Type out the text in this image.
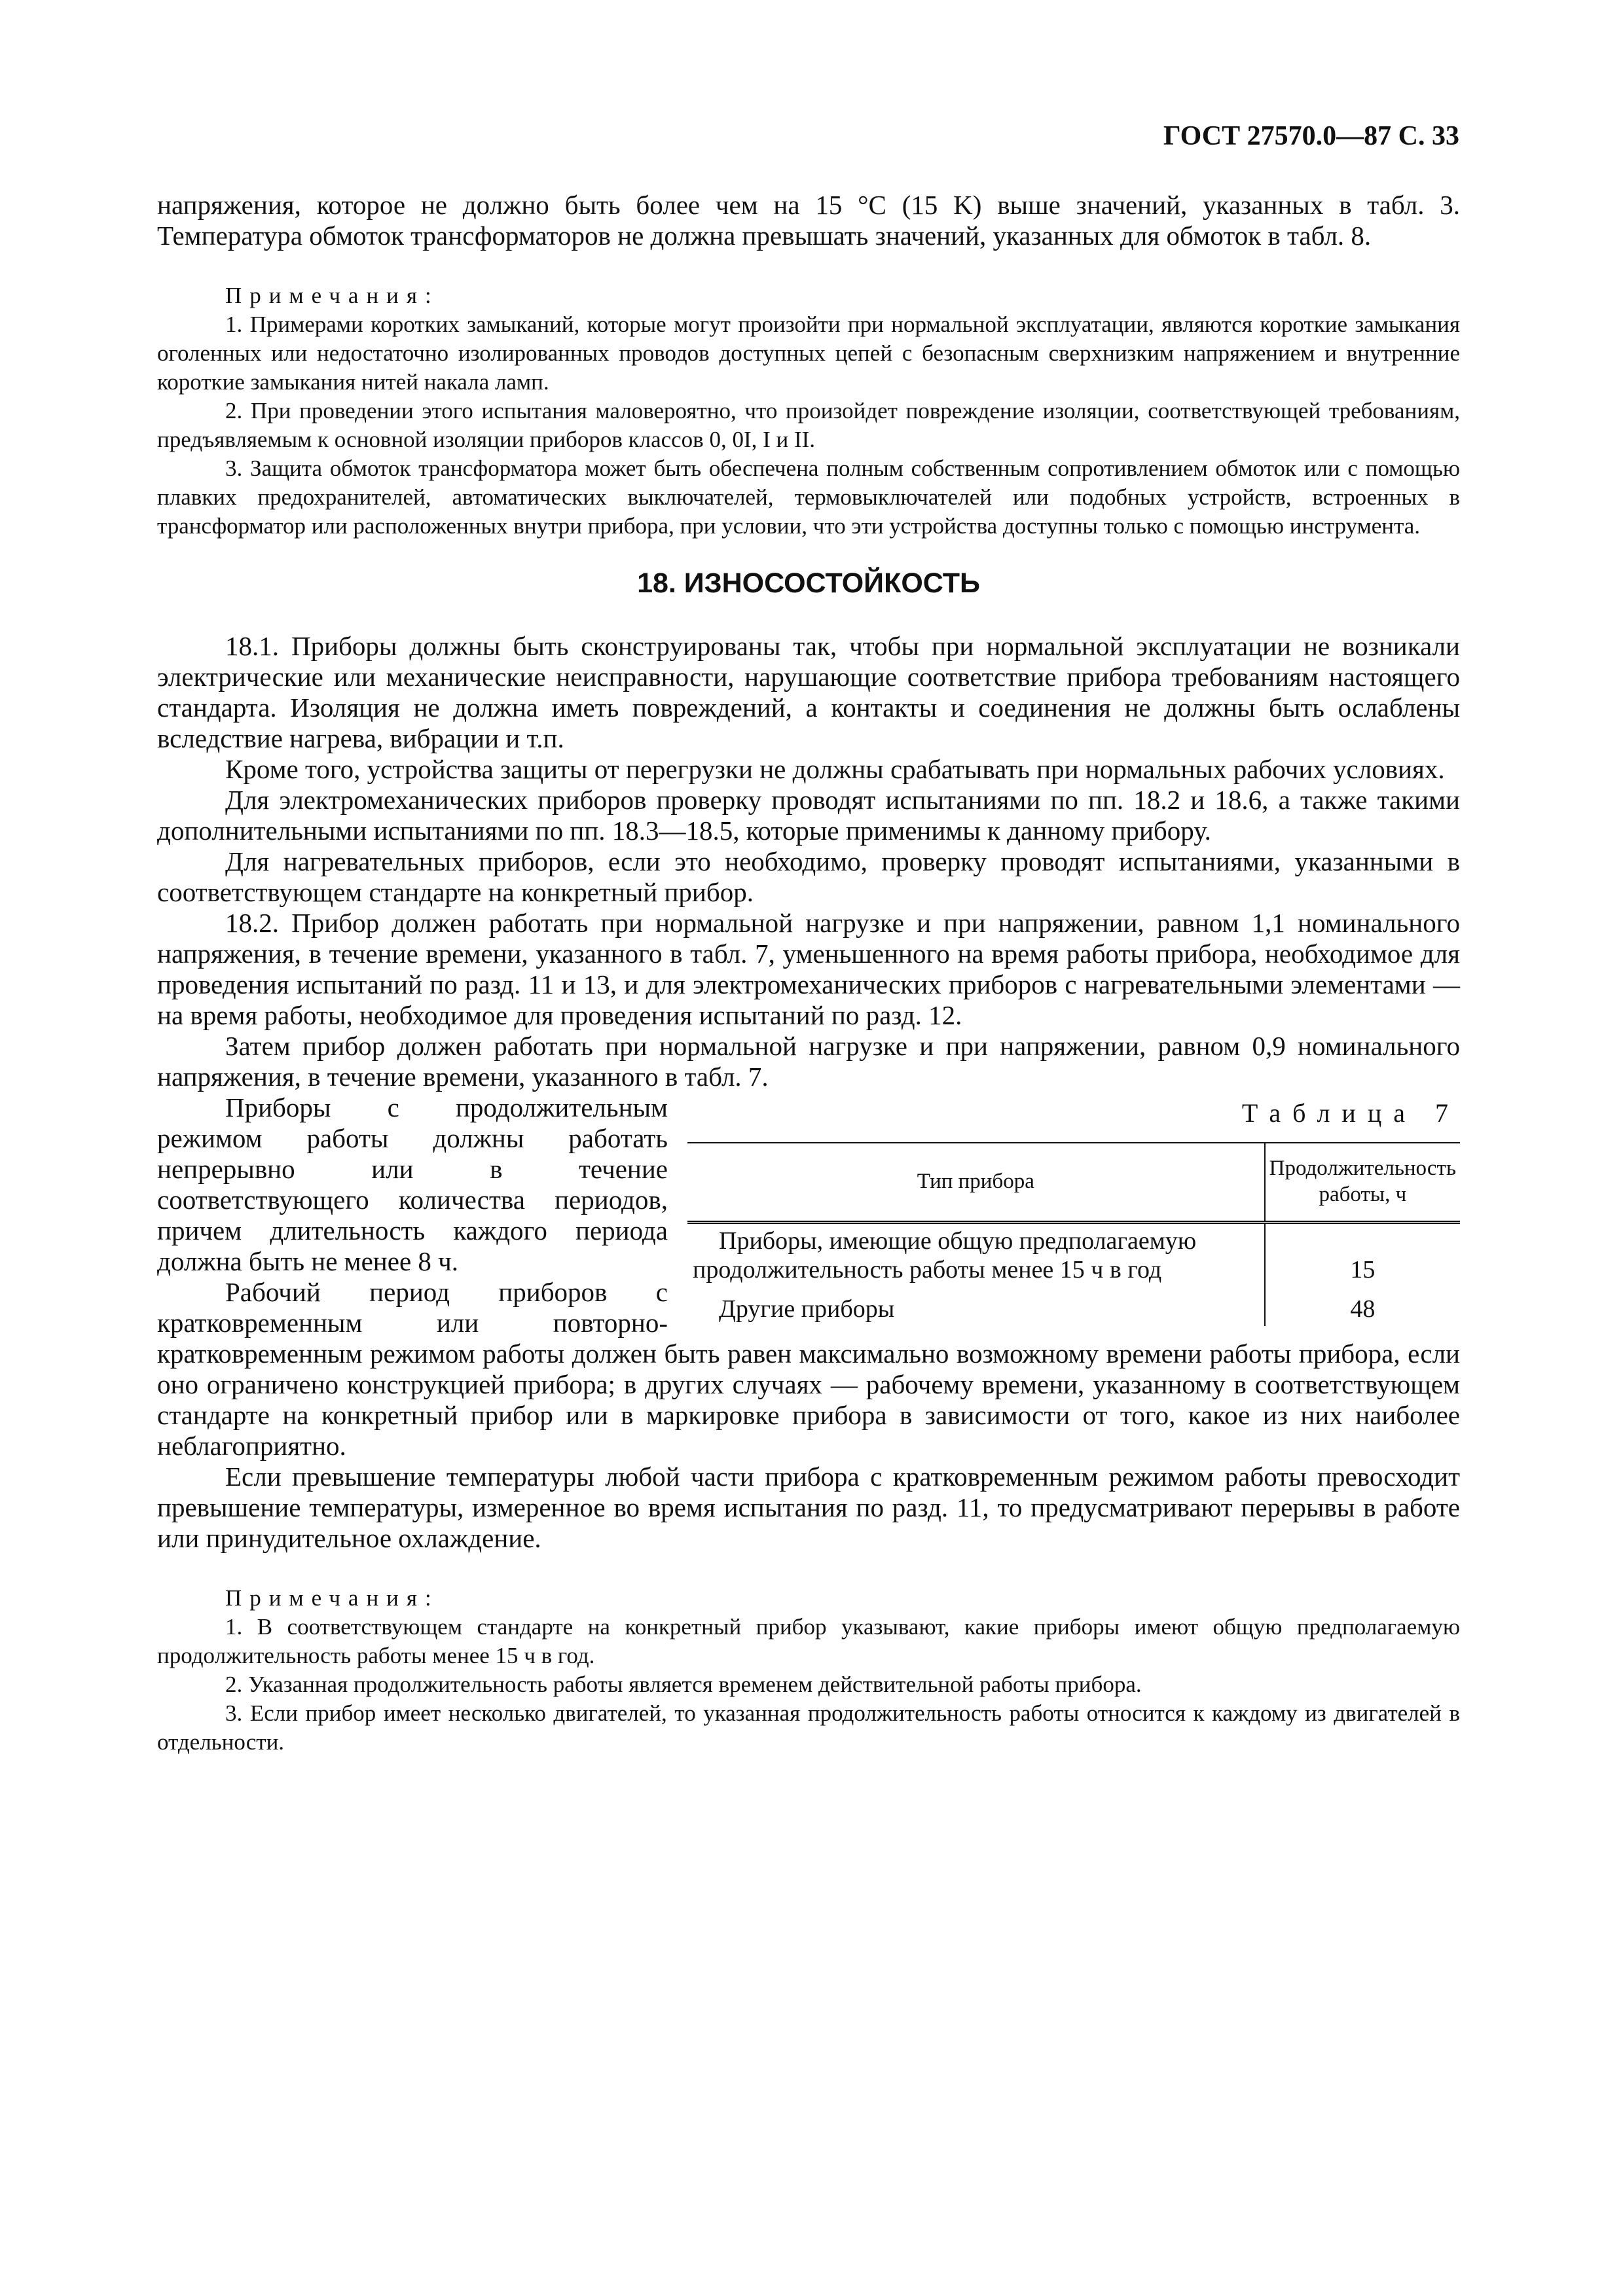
ГОСТ 27570.0—87 С. 33

напряжения, которое не должно быть более чем на 15 °С (15 K) выше значений, указанных в табл. 3. Температура обмоток трансформаторов не должна превышать значений, указанных для обмоток в табл. 8.

Примечания:

1. Примерами коротких замыканий, которые могут произойти при нормальной эксплуатации, являются короткие замыкания оголенных или недостаточно изолированных проводов доступных цепей с безопасным сверхнизким напряжением и внутренние короткие замыкания нитей накала ламп.

2. При проведении этого испытания маловероятно, что произойдет повреждение изоляции, соответствующей требованиям, предъявляемым к основной изоляции приборов классов 0, 0I, I и II.

3. Защита обмоток трансформатора может быть обеспечена полным собственным сопротивлением обмоток или с помощью плавких предохранителей, автоматических выключателей, термовыключателей или подобных устройств, встроенных в трансформатор или расположенных внутри прибора, при условии, что эти устройства доступны только с помощью инструмента.

18. ИЗНОСОСТОЙКОСТЬ

18.1. Приборы должны быть сконструированы так, чтобы при нормальной эксплуатации не возникали электрические или механические неисправности, нарушающие соответствие прибора требованиям настоящего стандарта. Изоляция не должна иметь повреждений, а контакты и соединения не должны быть ослаблены вследствие нагрева, вибрации и т.п.

Кроме того, устройства защиты от перегрузки не должны срабатывать при нормальных рабочих условиях.

Для электромеханических приборов проверку проводят испытаниями по пп. 18.2 и 18.6, а также такими дополнительными испытаниями по пп. 18.3—18.5, которые применимы к данному прибору.

Для нагревательных приборов, если это необходимо, проверку проводят испытаниями, указанными в соответствующем стандарте на конкретный прибор.

18.2. Прибор должен работать при нормальной нагрузке и при напряжении, равном 1,1 номинального напряжения, в течение времени, указанного в табл. 7, уменьшенного на время работы прибора, необходимое для проведения испытаний по разд. 11 и 13, и для электромеханических приборов с нагревательными элементами — на время работы, необходимое для проведения испытаний по разд. 12.

Затем прибор должен работать при нормальной нагрузке и при напряжении, равном 0,9 номинального напряжения, в течение времени, указанного в табл. 7.

Таблица 7

Тип прибора	Продолжительность работы, ч
Приборы, имеющие общую предполагаемую продолжительность работы менее 15 ч в год	15
Другие приборы	48

Приборы с продолжительным режимом работы должны работать непрерывно или в течение соответствующего количества периодов, причем длительность каждого периода должна быть не менее 8 ч.

Рабочий период приборов с кратковременным или повторно-кратковременным режимом работы должен быть равен максимально возможному времени работы прибора, если оно ограничено конструкцией прибора; в других случаях — рабочему времени, указанному в соответствующем стандарте на конкретный прибор или в маркировке прибора в зависимости от того, какое из них наиболее неблагоприятно.

Если превышение температуры любой части прибора с кратковременным режимом работы превосходит превышение температуры, измеренное во время испытания по разд. 11, то предусматривают перерывы в работе или принудительное охлаждение.

Примечания:

1. В соответствующем стандарте на конкретный прибор указывают, какие приборы имеют общую предполагаемую продолжительность работы менее 15 ч в год.

2. Указанная продолжительность работы является временем действительной работы прибора.

3. Если прибор имеет несколько двигателей, то указанная продолжительность работы относится к каждому из двигателей в отдельности.
